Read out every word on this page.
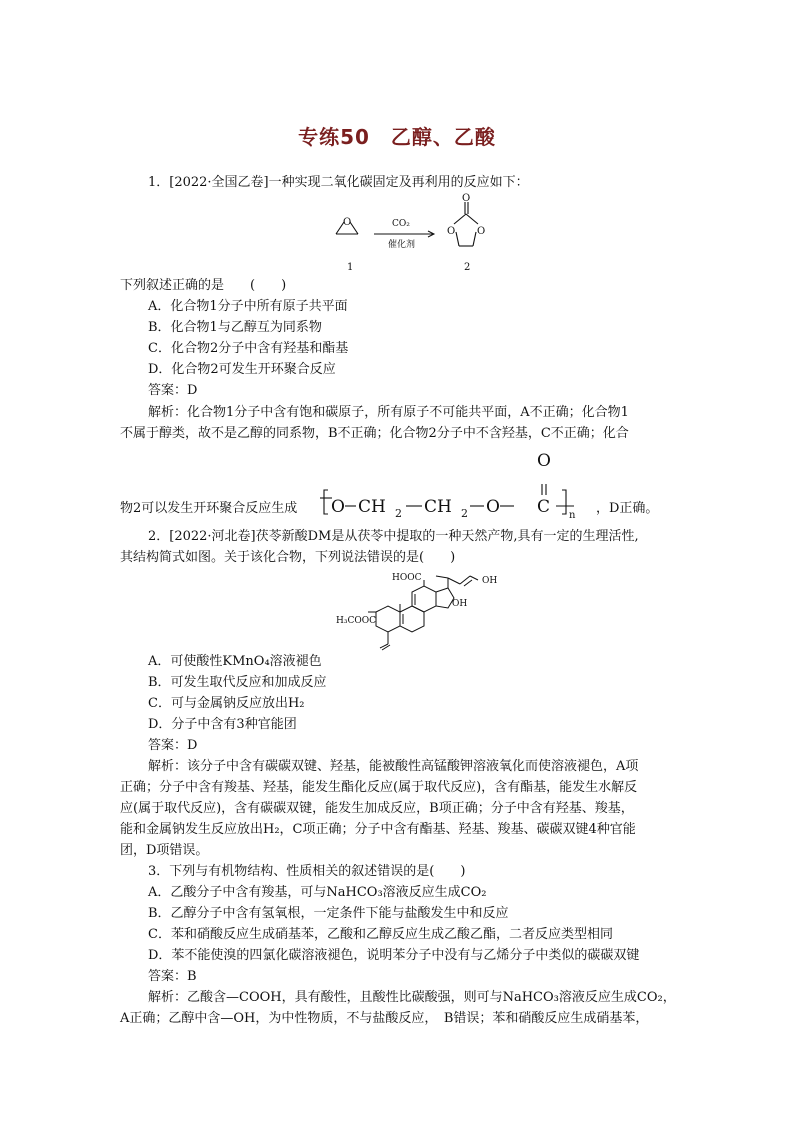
专练50　乙醇、乙酸
1．[2022·全国乙卷]一种实现二氧化碳固定及再利用的反应如下：
O	CO₂
催化剂
O
O O
1	2
下列叙述正确的是　　(　　)
A．化合物1分子中所有原子共平面
B．化合物1与乙醇互为同系物
C．化合物2分子中含有羟基和酯基
D．化合物2可发生开环聚合反应
答案：D
解析：化合物1分子中含有饱和碳原子，所有原子不可能共平面，A不正确；化合物1
不属于醇类，故不是乙醇的同系物，B不正确；化合物2分子中不含羟基，C不正确；化合
物2可以发生开环聚合反应生成 O CH 2 CH 2 O C
O
n ，D正确。
2．[2022·河北卷]茯苓新酸DM是从茯苓中提取的一种天然产物,具有一定的生理活性,
其结构简式如图。关于该化合物，下列说法错误的是(　　)
HOOC	OH
OH
H₃COOC
A．可使酸性KMnO₄溶液褪色
B．可发生取代反应和加成反应
C．可与金属钠反应放出H₂
D．分子中含有3种官能团
答案：D
解析：该分子中含有碳碳双键、羟基，能被酸性高锰酸钾溶液氧化而使溶液褪色，A项
正确；分子中含有羧基、羟基，能发生酯化反应(属于取代反应)，含有酯基，能发生水解反
应(属于取代反应)，含有碳碳双键，能发生加成反应，B项正确；分子中含有羟基、羧基，
能和金属钠发生反应放出H₂，C项正确；分子中含有酯基、羟基、羧基、碳碳双键4种官能
团，D项错误。
3．下列与有机物结构、性质相关的叙述错误的是(　　)
A．乙酸分子中含有羧基，可与NaHCO₃溶液反应生成CO₂
B．乙醇分子中含有氢氧根，一定条件下能与盐酸发生中和反应
C．苯和硝酸反应生成硝基苯，乙酸和乙醇反应生成乙酸乙酯，二者反应类型相同
D．苯不能使溴的四氯化碳溶液褪色，说明苯分子中没有与乙烯分子中类似的碳碳双键
答案：B
解析：乙酸含—COOH，具有酸性，且酸性比碳酸强，则可与NaHCO₃溶液反应生成CO₂，
A正确；乙醇中含—OH，为中性物质，不与盐酸反应，　B错误；苯和硝酸反应生成硝基苯，
